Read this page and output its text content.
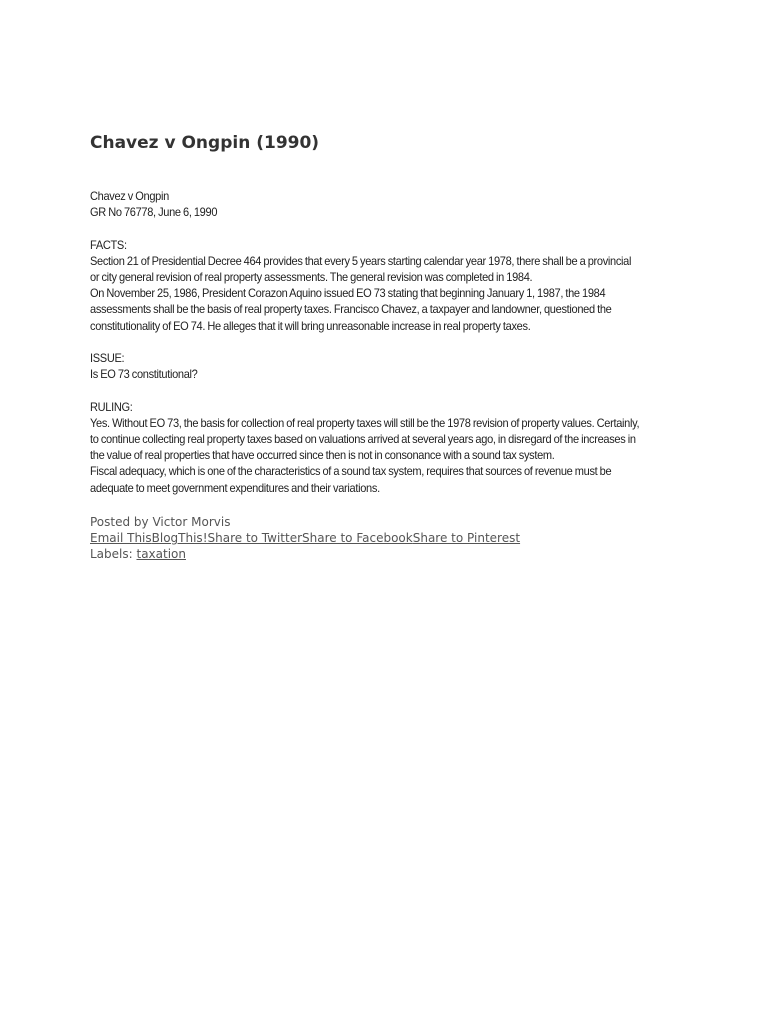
Chavez v Ongpin (1990)

Chavez v Ongpin

GR No 76778, June 6, 1990

FACTS:

Section 21 of Presidential Decree 464 provides that every 5 years starting calendar year 1978, there shall be a provincial or city general revision of real property assessments. The general revision was completed in 1984.

On November 25, 1986, President Corazon Aquino issued EO 73 stating that beginning January 1, 1987, the 1984 assessments shall be the basis of real property taxes. Francisco Chavez, a taxpayer and landowner, questioned the constitutionality of EO 74. He alleges that it will bring unreasonable increase in real property taxes.

ISSUE:

Is EO 73 constitutional?

RULING:

Yes. Without EO 73, the basis for collection of real property taxes will still be the 1978 revision of property values. Certainly, to continue collecting real property taxes based on valuations arrived at several years ago, in disregard of the increases in the value of real properties that have occurred since then is not in consonance with a sound tax system.

Fiscal adequacy, which is one of the characteristics of a sound tax system, requires that sources of revenue must be adequate to meet government expenditures and their variations.

Posted by Victor Morvis
Email ThisBlogThis!Share to TwitterShare to FacebookShare to Pinterest
Labels: taxation
